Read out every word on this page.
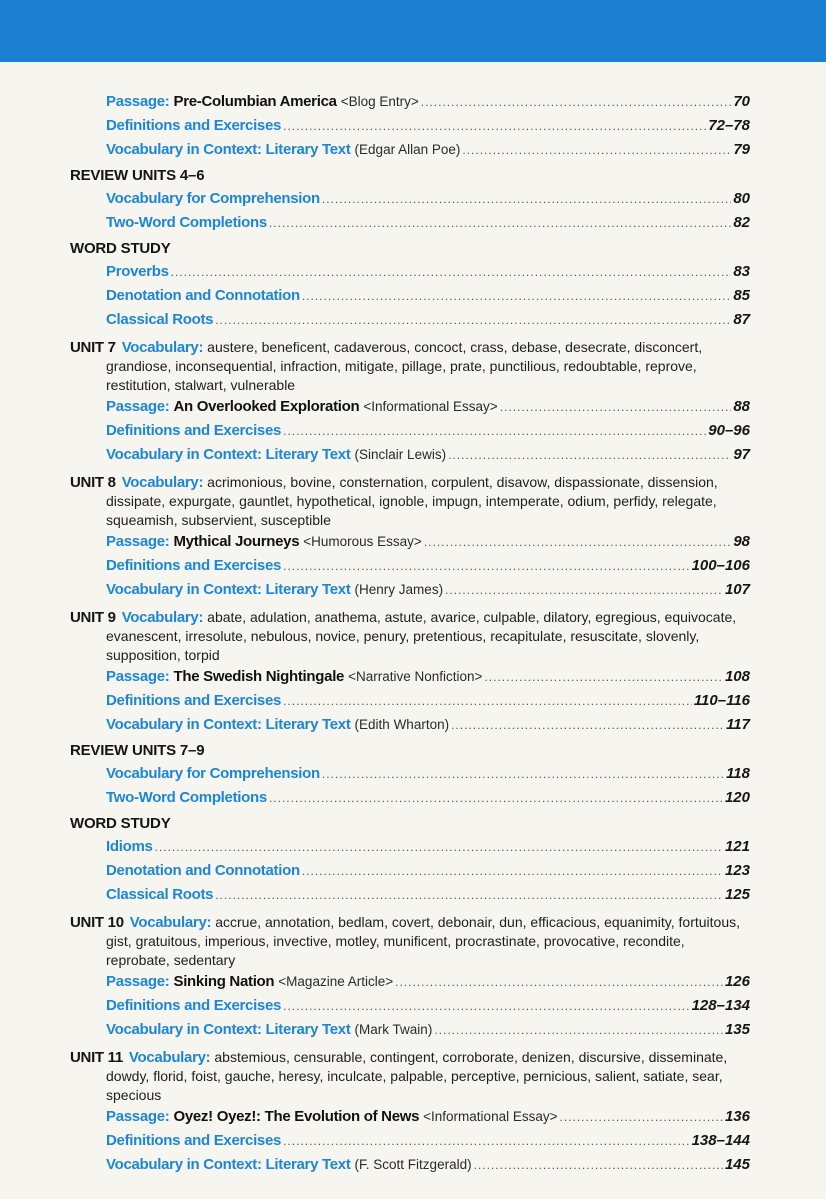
Passage: Pre-Columbian America <Blog Entry> .....	70
Definitions and Exercises .....	72–78
Vocabulary in Context: Literary Text (Edgar Allan Poe) .....	79
REVIEW UNITS 4–6
Vocabulary for Comprehension .....	80
Two-Word Completions .....	82
WORD STUDY
Proverbs .....	83
Denotation and Connotation .....	85
Classical Roots .....	87
UNIT 7 Vocabulary: austere, beneficent, cadaverous, concoct, crass, debase, desecrate, disconcert, grandiose, inconsequential, infraction, mitigate, pillage, prate, punctilious, redoubtable, reprove, restitution, stalwart, vulnerable
Passage: An Overlooked Exploration <Informational Essay> .....	88
Definitions and Exercises .....	90–96
Vocabulary in Context: Literary Text (Sinclair Lewis) .....	97
UNIT 8 Vocabulary: acrimonious, bovine, consternation, corpulent, disavow, dispassionate, dissension, dissipate, expurgate, gauntlet, hypothetical, ignoble, impugn, intemperate, odium, perfidy, relegate, squeamish, subservient, susceptible
Passage: Mythical Journeys <Humorous Essay> .....	98
Definitions and Exercises .....	100–106
Vocabulary in Context: Literary Text (Henry James) .....	107
UNIT 9 Vocabulary: abate, adulation, anathema, astute, avarice, culpable, dilatory, egregious, equivocate, evanescent, irresolute, nebulous, novice, penury, pretentious, recapitulate, resuscitate, slovenly, supposition, torpid
Passage: The Swedish Nightingale <Narrative Nonfiction> .....	108
Definitions and Exercises .....	110–116
Vocabulary in Context: Literary Text (Edith Wharton) .....	117
REVIEW UNITS 7–9
Vocabulary for Comprehension .....	118
Two-Word Completions .....	120
WORD STUDY
Idioms .....	121
Denotation and Connotation .....	123
Classical Roots .....	125
UNIT 10 Vocabulary: accrue, annotation, bedlam, covert, debonair, dun, efficacious, equanimity, fortuitous, gist, gratuitous, imperious, invective, motley, munificent, procrastinate, provocative, recondite, reprobate, sedentary
Passage: Sinking Nation <Magazine Article> .....	126
Definitions and Exercises .....	128–134
Vocabulary in Context: Literary Text (Mark Twain) .....	135
UNIT 11 Vocabulary: abstemious, censurable, contingent, corroborate, denizen, discursive, disseminate, dowdy, florid, foist, gauche, heresy, inculcate, palpable, perceptive, pernicious, salient, satiate, sear, specious
Passage: Oyez! Oyez!: The Evolution of News <Informational Essay> .....	136
Definitions and Exercises .....	138–144
Vocabulary in Context: Literary Text (F. Scott Fitzgerald) .....	145
